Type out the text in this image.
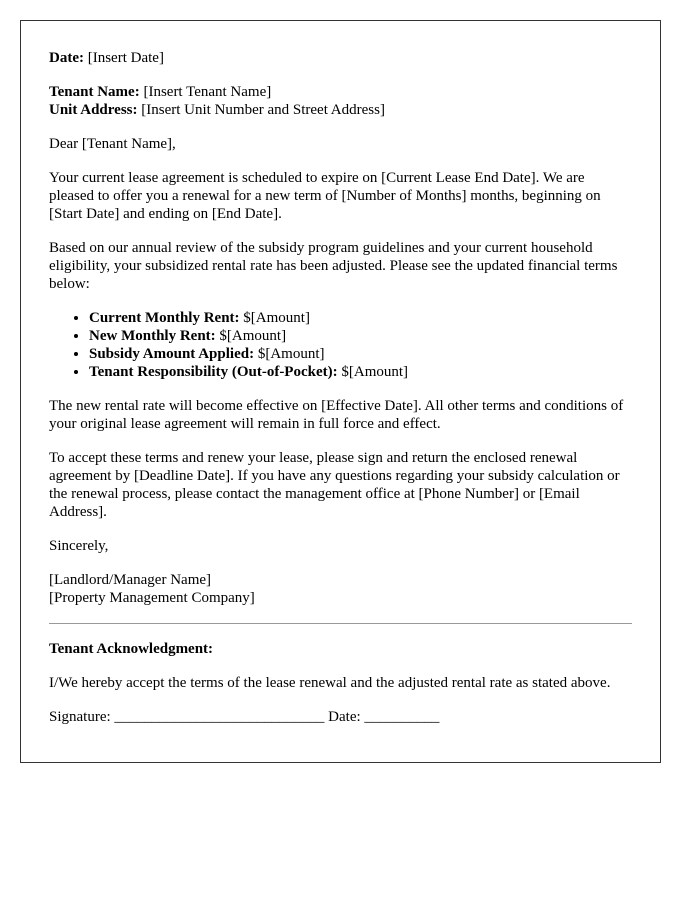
Date: [Insert Date]

Tenant Name: [Insert Tenant Name]
Unit Address: [Insert Unit Number and Street Address]

Dear [Tenant Name],

Your current lease agreement is scheduled to expire on [Current Lease End Date]. We are pleased to offer you a renewal for a new term of [Number of Months] months, beginning on [Start Date] and ending on [End Date].

Based on our annual review of the subsidy program guidelines and your current household eligibility, your subsidized rental rate has been adjusted. Please see the updated financial terms below:

• Current Monthly Rent: $[Amount]
• New Monthly Rent: $[Amount]
• Subsidy Amount Applied: $[Amount]
• Tenant Responsibility (Out-of-Pocket): $[Amount]

The new rental rate will become effective on [Effective Date]. All other terms and conditions of your original lease agreement will remain in full force and effect.

To accept these terms and renew your lease, please sign and return the enclosed renewal agreement by [Deadline Date]. If you have any questions regarding your subsidy calculation or the renewal process, please contact the management office at [Phone Number] or [Email Address].

Sincerely,

[Landlord/Manager Name]
[Property Management Company]

Tenant Acknowledgment:

I/We hereby accept the terms of the lease renewal and the adjusted rental rate as stated above.

Signature: ____________________________ Date: __________
